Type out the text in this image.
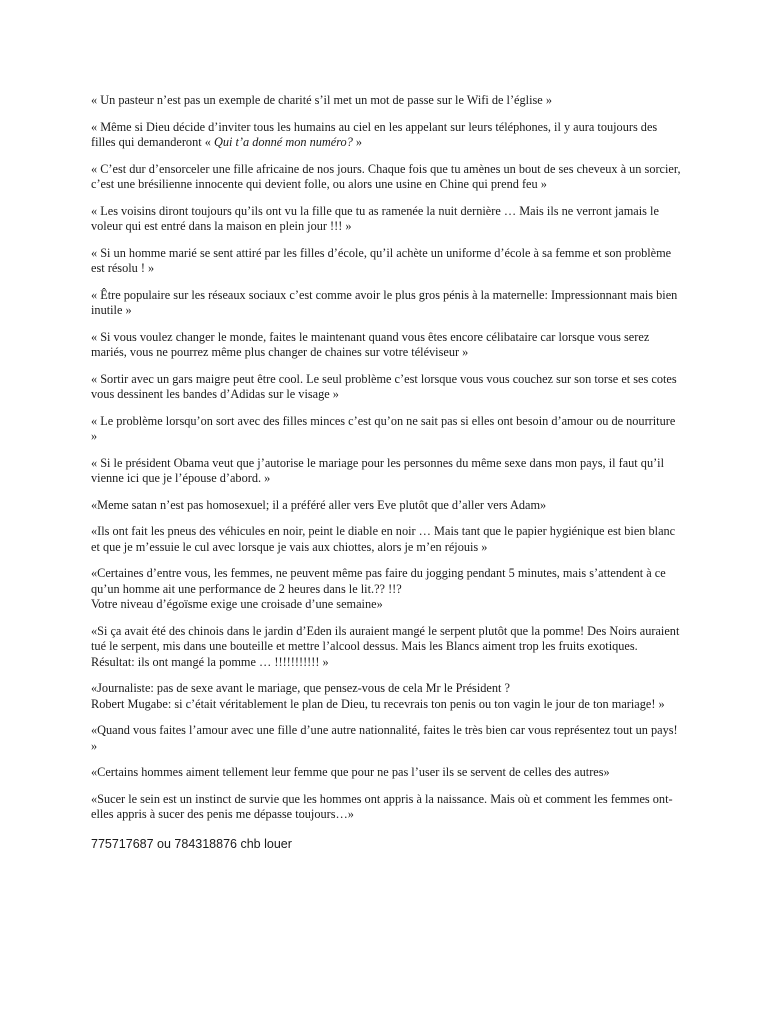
« Un pasteur n’est pas un exemple de charité s’il met un mot de passe sur le Wifi de l’église »

« Même si Dieu décide d’inviter tous les humains au ciel en les appelant sur leurs téléphones, il y aura toujours des filles qui demanderont « Qui t’a donné mon numéro? »

« C’est dur d’ensorceler une fille africaine de nos jours. Chaque fois que tu amènes un bout de ses cheveux à un sorcier, c’est une brésilienne innocente qui devient folle, ou alors une usine en Chine qui prend feu »

« Les voisins diront toujours qu’ils ont vu la fille que tu as ramenée la nuit dernière … Mais ils ne verront jamais le voleur qui est entré dans la maison en plein jour !!! »

« Si un homme marié se sent attiré par les filles d’école, qu’il achète un uniforme d’école à sa femme et son problème est résolu ! »

« Être populaire sur les réseaux sociaux c’est comme avoir le plus gros pénis à la maternelle: Impressionnant mais bien inutile »

« Si vous voulez changer le monde, faites le maintenant quand vous êtes encore célibataire car lorsque vous serez mariés, vous ne pourrez même plus changer de chaines sur votre téléviseur »

« Sortir avec un gars maigre peut être cool. Le seul problème c’est lorsque vous vous couchez sur son torse et ses cotes vous dessinent les bandes d’Adidas sur le visage »

« Le problème lorsqu’on sort avec des filles minces c’est qu’on ne sait pas si elles ont besoin d’amour ou de nourriture »

« Si le président Obama veut que j’autorise le mariage pour les personnes du même sexe dans mon pays, il faut qu’il vienne ici que je l’épouse d’abord. »

«Meme satan n’est pas homosexuel; il a préféré aller vers Eve plutôt que d’aller vers Adam»

«Ils ont fait les pneus des véhicules en noir, peint le diable en noir … Mais tant que le papier hygiénique est bien blanc et que je m’essuie le cul avec lorsque je vais aux chiottes, alors je m’en réjouis »

«Certaines d’entre vous, les femmes, ne peuvent même pas faire du jogging pendant 5 minutes, mais s’attendent à ce qu’un homme ait une performance de 2 heures dans le lit.?? !!?
Votre niveau d’égoïsme exige une croisade d’une semaine»

«Si ça avait été des chinois dans le jardin d’Eden ils auraient mangé le serpent plutôt que la pomme! Des Noirs auraient tué le serpent, mis dans une bouteille et mettre l’alcool dessus. Mais les Blancs aiment trop les fruits exotiques.
Résultat: ils ont mangé la pomme … !!!!!!!!!!! »

«Journaliste: pas de sexe avant le mariage, que pensez-vous de cela Mr le Président ?
Robert Mugabe: si c’était véritablement le plan de Dieu, tu recevrais ton penis ou ton vagin le jour de ton mariage! »

«Quand vous faites l’amour avec une fille d’une autre nationnalité, faites le très bien car vous représentez tout un pays! »

«Certains hommes aiment tellement leur femme que pour ne pas l’user ils se servent de celles des autres»

«Sucer le sein est un instinct de survie que les hommes ont appris à la naissance. Mais où et comment les femmes ont-elles appris à sucer des penis me dépasse toujours…»

775717687 ou 784318876 chb louer
